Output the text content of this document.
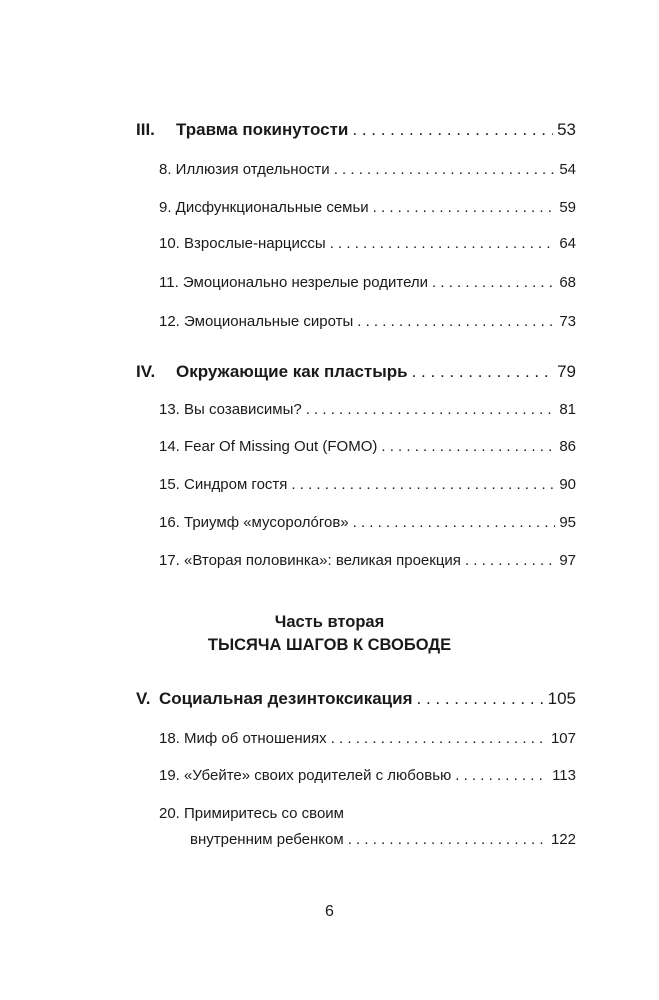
III. Травма покинутости . . .	53
8. Иллюзия отдельности . . .	54
9. Дисфункциональные семьи . . .	59
10. Взрослые-нарциссы . . .	64
11. Эмоционально незрелые родители . . .	68
12. Эмоциональные сироты . . .	73
IV. Окружающие как пластырь . . .	79
13. Вы созависимы? . . .	81
14. Fear Of Missing Out (FOMO) . . .	86
15. Синдром гостя . . .	90
16. Триумф «мусоролóгов» . . .	95
17. «Вторая половинка»: великая проекция . . .	97
Часть вторая
ТЫСЯЧА ШАГОВ К СВОБОДЕ
V. Социальная дезинтоксикация . . .	105
18. Миф об отношениях . . .	107
19. «Убейте» своих родителей с любовью . . .	113
20. Примиритесь со своим
внутренним ребенком . . .	122
6
